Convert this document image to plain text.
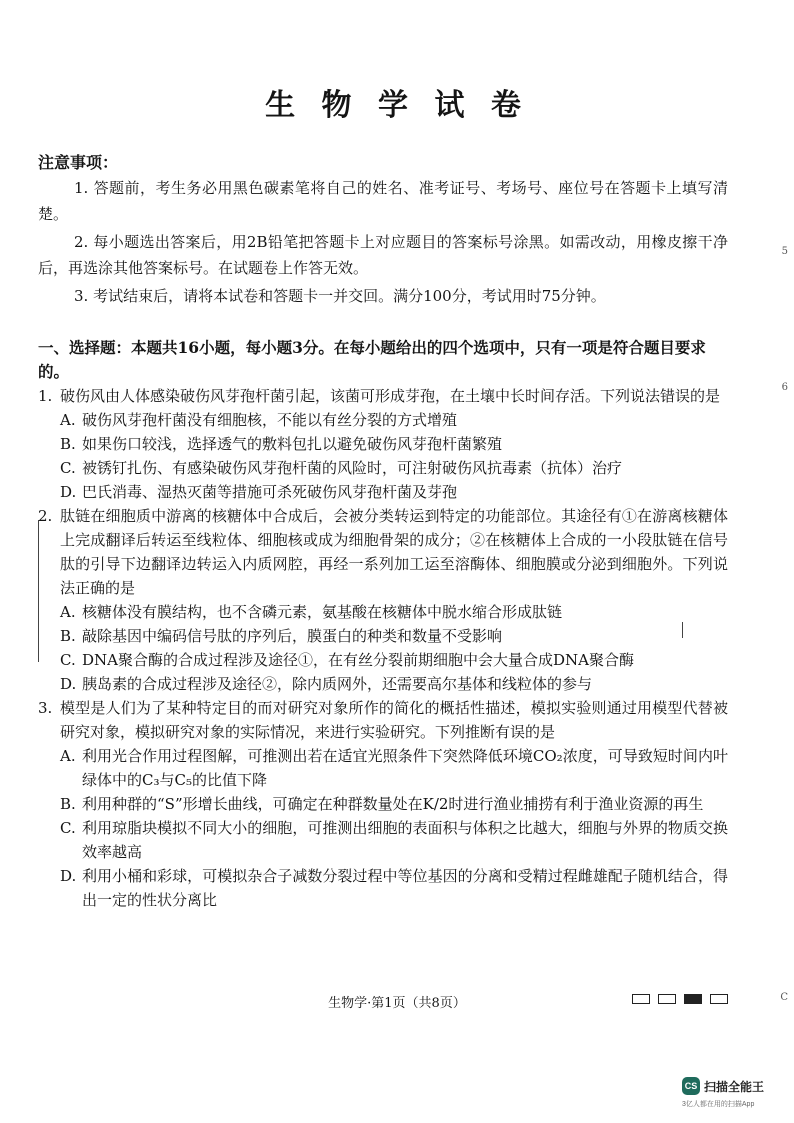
生 物 学 试 卷
注意事项：

1. 答题前，考生务必用黑色碳素笔将自己的姓名、准考证号、考场号、座位号在答题卡上填写清楚。

2. 每小题选出答案后，用2B铅笔把答题卡上对应题目的答案标号涂黑。如需改动，用橡皮擦干净后，再选涂其他答案标号。在试题卷上作答无效。

3. 考试结束后，请将本试卷和答题卡一并交回。满分100分，考试用时75分钟。

一、选择题：本题共16小题，每小题3分。在每小题给出的四个选项中，只有一项是符合题目要求的。
1. 破伤风由人体感染破伤风芽孢杆菌引起，该菌可形成芽孢，在土壤中长时间存活。下列说法错误的是
A. 破伤风芽孢杆菌没有细胞核，不能以有丝分裂的方式增殖
B. 如果伤口较浅，选择透气的敷料包扎以避免破伤风芽孢杆菌繁殖
C. 被锈钉扎伤、有感染破伤风芽孢杆菌的风险时，可注射破伤风抗毒素（抗体）治疗
D. 巴氏消毒、湿热灭菌等措施可杀死破伤风芽孢杆菌及芽孢
2. 肽链在细胞质中游离的核糖体中合成后，会被分类转运到特定的功能部位。其途径有①在游离核糖体上完成翻译后转运至线粒体、细胞核或成为细胞骨架的成分；②在核糖体上合成的一小段肽链在信号肽的引导下边翻译边转运入内质网腔，再经一系列加工运至溶酶体、细胞膜或分泌到细胞外。下列说法正确的是
A. 核糖体没有膜结构，也不含磷元素，氨基酸在核糖体中脱水缩合形成肽链
B. 敲除基因中编码信号肽的序列后，膜蛋白的种类和数量不受影响
C. DNA聚合酶的合成过程涉及途径①，在有丝分裂前期细胞中会大量合成DNA聚合酶
D. 胰岛素的合成过程涉及途径②，除内质网外，还需要高尔基体和线粒体的参与
3. 模型是人们为了某种特定目的而对研究对象所作的简化的概括性描述，模拟实验则通过用模型代替被研究对象，模拟研究对象的实际情况，来进行实验研究。下列推断有误的是
A. 利用光合作用过程图解，可推测出若在适宜光照条件下突然降低环境CO₂浓度，可导致短时间内叶绿体中的C₃与C₅的比值下降
B. 利用种群的“S”形增长曲线，可确定在种群数量处在K/2时进行渔业捕捞有利于渔业资源的再生
C. 利用琼脂块模拟不同大小的细胞，可推测出细胞的表面积与体积之比越大，细胞与外界的物质交换效率越高
D. 利用小桶和彩球，可模拟杂合子减数分裂过程中等位基因的分离和受精过程雌雄配子随机结合，得出一定的性状分离比
生物学·第1页（共8页）
5
6
C
CS 扫描全能王
3亿人都在用的扫描App
